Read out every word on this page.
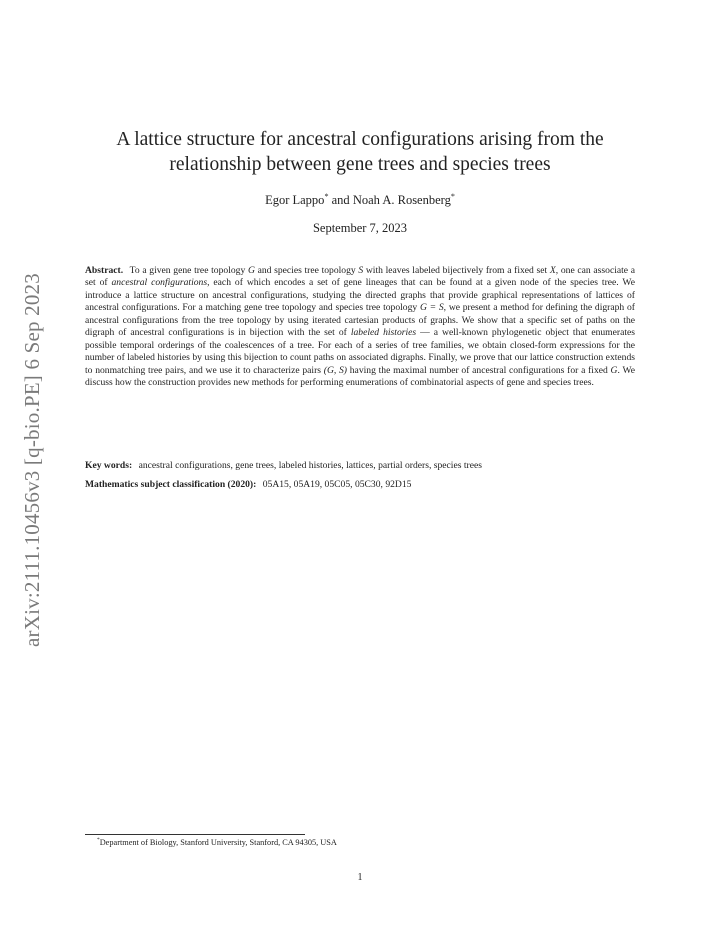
arXiv:2111.10456v3 [q-bio.PE] 6 Sep 2023
A lattice structure for ancestral configurations arising from the
relationship between gene trees and species trees
Egor Lappo* and Noah A. Rosenberg*
September 7, 2023
Abstract. To a given gene tree topology G and species tree topology S with leaves labeled bijectively from a fixed set X, one can associate a set of ancestral configurations, each of which encodes a set of gene lineages that can be found at a given node of the species tree. We introduce a lattice structure on ancestral configurations, studying the directed graphs that provide graphical representations of lattices of ancestral configurations. For a matching gene tree topology and species tree topology G = S, we present a method for defining the digraph of ancestral configurations from the tree topology by using iterated cartesian products of graphs. We show that a specific set of paths on the digraph of ancestral configurations is in bijection with the set of labeled histories — a well-known phylogenetic object that enumerates possible temporal orderings of the coalescences of a tree. For each of a series of tree families, we obtain closed-form expressions for the number of labeled histories by using this bijection to count paths on associated digraphs. Finally, we prove that our lattice construction extends to nonmatching tree pairs, and we use it to characterize pairs (G, S) having the maximal number of ancestral configurations for a fixed G. We discuss how the construction provides new methods for performing enumerations of combinatorial aspects of gene and species trees.
Key words: ancestral configurations, gene trees, labeled histories, lattices, partial orders, species trees
Mathematics subject classification (2020): 05A15, 05A19, 05C05, 05C30, 92D15
*Department of Biology, Stanford University, Stanford, CA 94305, USA
1
